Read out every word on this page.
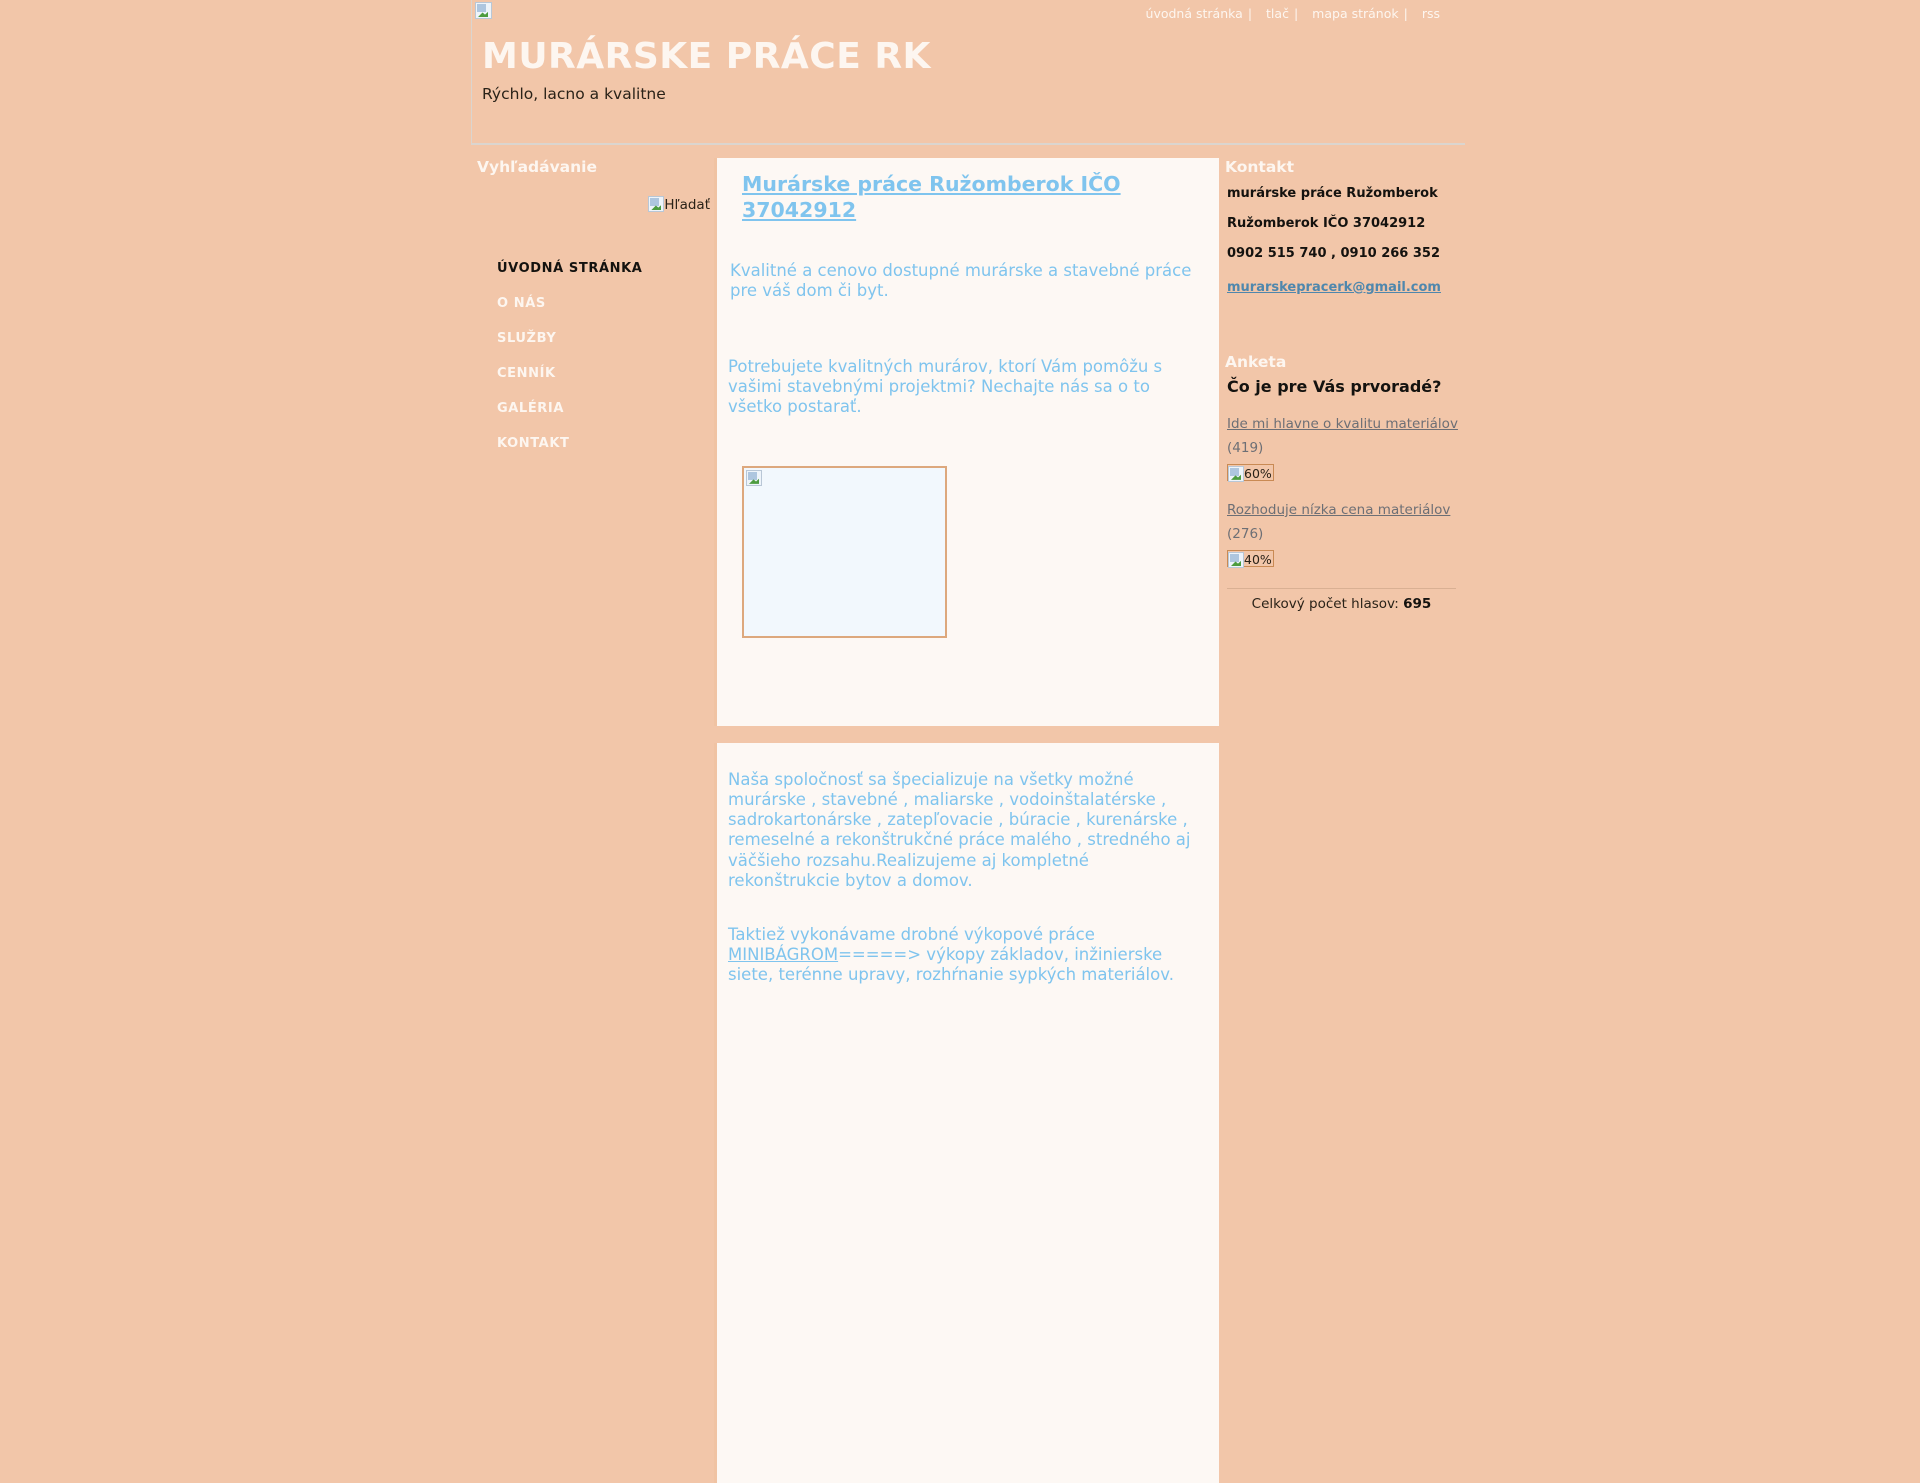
MURÁRSKE PRÁCE RK
Rýchlo, lacno a kvalitne
úvodná stránka | tlač | mapa stránok | rss
Vyhľadávanie
Hľadať
ÚVODNÁ STRÁNKA
O NÁS
SLUŽBY
CENNÍK
GALÉRIA
KONTAKT
Murárske práce Ružomberok IČO 37042912

Kvalitné a cenovo dostupné murárske a stavebné práce pre váš dom či byt.

Potrebujete kvalitných murárov, ktorí Vám pomôžu s vašimi stavebnými projektmi? Nechajte nás sa o to všetko postarať.

Naša spoločnosť sa špecializuje na všetky možné murárske , stavebné , maliarske , vodoinštalatérske , sadrokartonárske , zatepľovacie , búracie , kurenárske , remeselné a rekonštrukčné práce malého , stredného aj väčšieho rozsahu.Realizujeme aj kompletné rekonštrukcie bytov a domov.

Taktiež vykonávame drobné výkopové práce MINIBÁGROM=====> výkopy základov, inžinierske siete, terénne upravy, rozhŕnanie sypkých materiálov.

Kontakt
murárske práce Ružomberok
Ružomberok IČO 37042912
0902 515 740 , 0910 266 352
murarskepracerk@gmail.com
Anketa
Čo je pre Vás prvoradé?
Ide mi hlavne o kvalitu materiálov (419)
60%
Rozhoduje nízka cena materiálov (276)
40%
Celkový počet hlasov: 695
